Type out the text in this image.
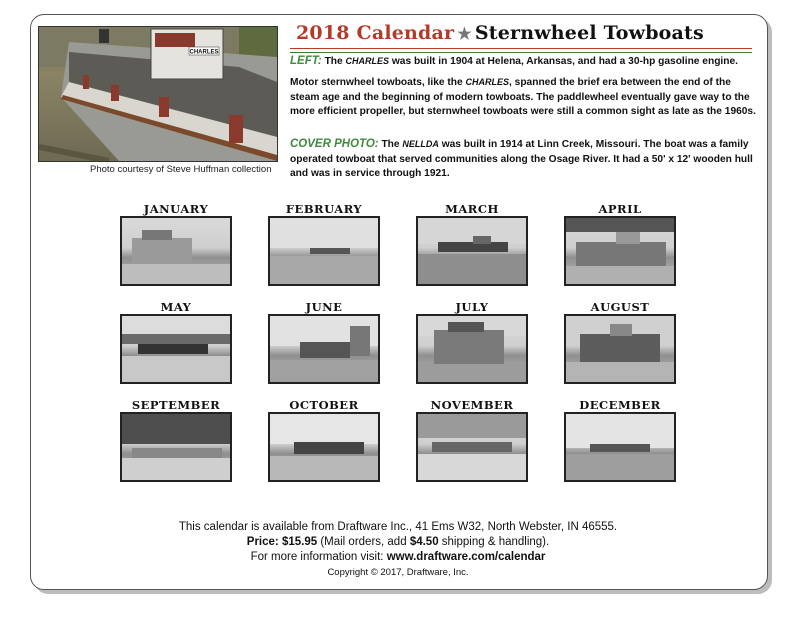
CHARLES
Photo courtesy of Steve Huffman collection
2018 Calendar ★ Sternwheel Towboats
LEFT: The CHARLES was built in 1904 at Helena, Arkansas, and had a 30-hp gasoline engine.
Motor sternwheel towboats, like the CHARLES, spanned the brief era between the end of the steam age and the beginning of modern towboats. The paddlewheel eventually gave way to the more efficient propeller, but sternwheel towboats were still a common sight as late as the 1960s.
COVER PHOTO: The NELLDA was built in 1914 at Linn Creek, Missouri. The boat was a family operated towboat that served communities along the Osage River. It had a 50' x 12' wooden hull and was in service through 1921.
JANUARY	FEBRUARY	MARCH	APRIL
MAY	JUNE	JULY	AUGUST
SEPTEMBER	OCTOBER	NOVEMBER	DECEMBER
This calendar is available from Draftware Inc., 41 Ems W32, North Webster, IN 46555.
Price: $15.95 (Mail orders, add $4.50 shipping & handling).
For more information visit: www.draftware.com/calendar
Copyright © 2017, Draftware, Inc.
